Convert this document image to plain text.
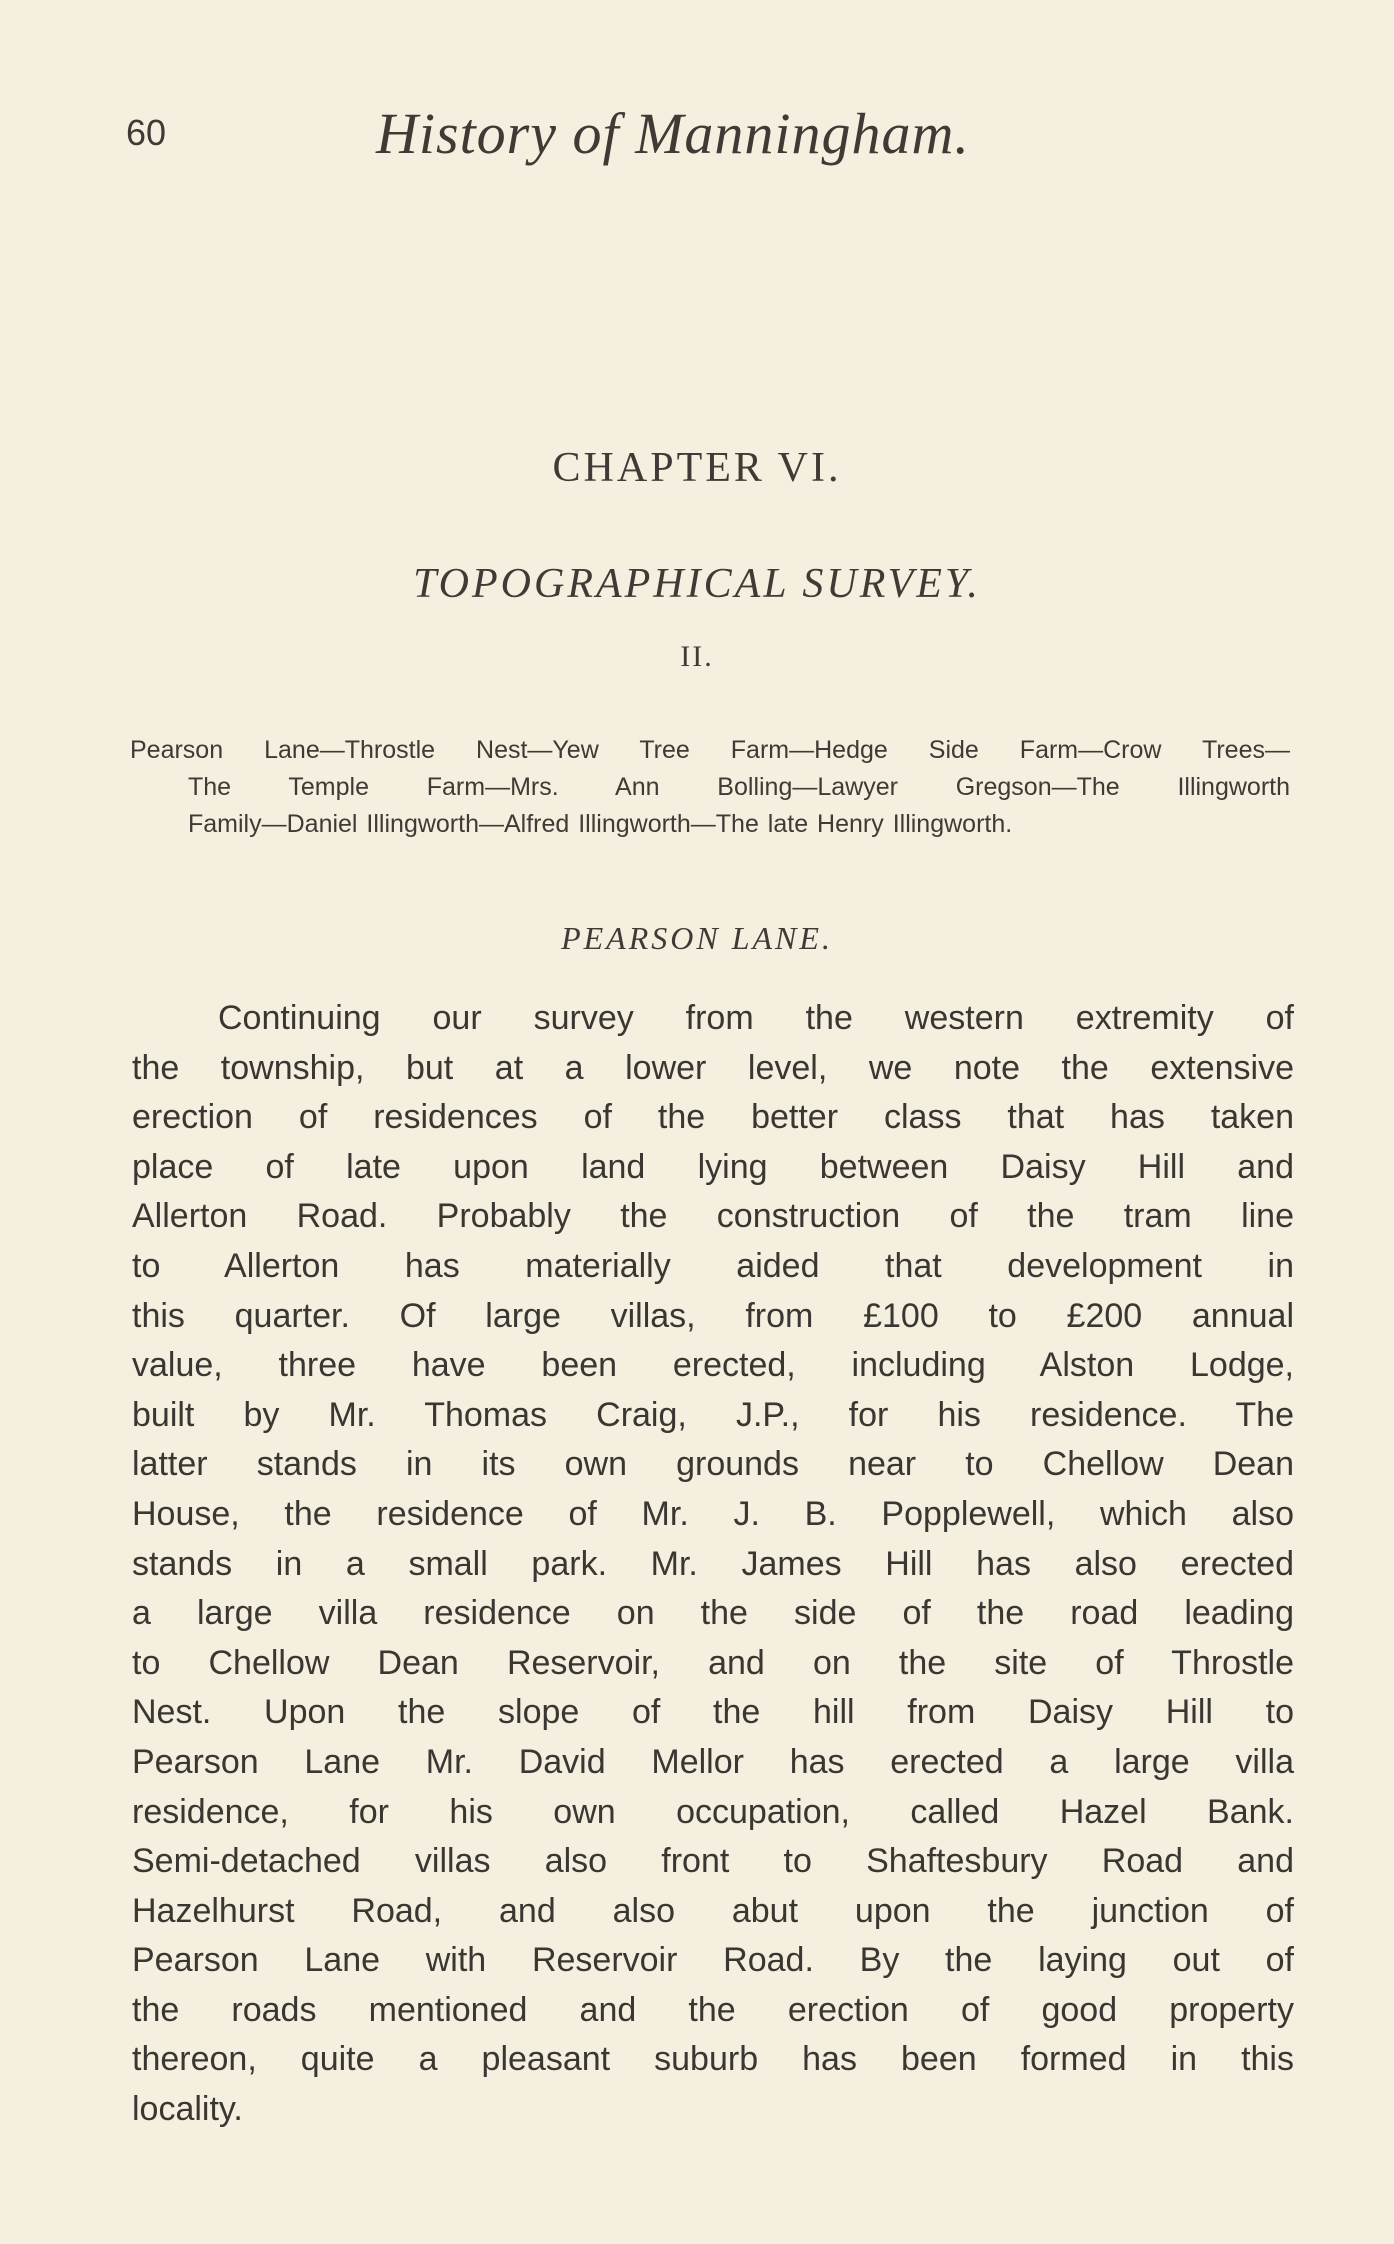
60	History of Manningham.
CHAPTER VI.
TOPOGRAPHICAL SURVEY.
II.
Pearson Lane—Throstle Nest—Yew Tree Farm—Hedge Side Farm—Crow Trees—
The Temple Farm—Mrs. Ann Bolling—Lawyer Gregson—The Illingworth
Family—Daniel Illingworth—Alfred Illingworth—The late Henry Illingworth.
PEARSON LANE.
Continuing our survey from the western extremity of
the township, but at a lower level, we note the extensive
erection of residences of the better class that has taken
place of late upon land lying between Daisy Hill and
Allerton Road. Probably the construction of the tram line
to Allerton has materially aided that development in
this quarter. Of large villas, from £100 to £200 annual
value, three have been erected, including Alston Lodge,
built by Mr. Thomas Craig, J.P., for his residence. The
latter stands in its own grounds near to Chellow Dean
House, the residence of Mr. J. B. Popplewell, which also
stands in a small park. Mr. James Hill has also erected
a large villa residence on the side of the road leading
to Chellow Dean Reservoir, and on the site of Throstle
Nest. Upon the slope of the hill from Daisy Hill to
Pearson Lane Mr. David Mellor has erected a large villa
residence, for his own occupation, called Hazel Bank.
Semi-detached villas also front to Shaftesbury Road and
Hazelhurst Road, and also abut upon the junction of
Pearson Lane with Reservoir Road. By the laying out of
the roads mentioned and the erection of good property
thereon, quite a pleasant suburb has been formed in this
locality.
